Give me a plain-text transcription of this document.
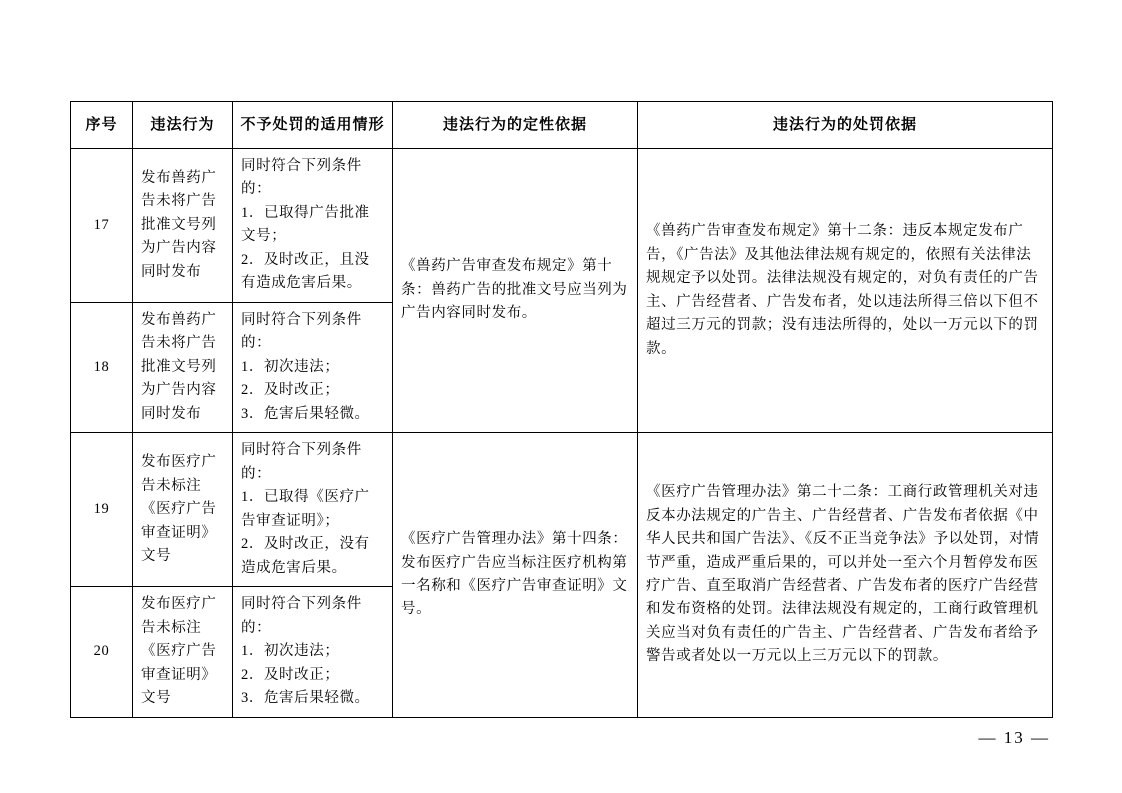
序号	违法行为	不予处罚的适用情形	违法行为的定性依据	违法行为的处罚依据
17	发布兽药广告未将广告批准文号列为广告内容同时发布	同时符合下列条件的：
1．已取得广告批准文号；
2．及时改正，且没有造成危害后果。	《兽药广告审查发布规定》第十条：兽药广告的批准文号应当列为广告内容同时发布。	《兽药广告审查发布规定》第十二条：违反本规定发布广告，《广告法》及其他法律法规有规定的，依照有关法律法规规定予以处罚。法律法规没有规定的，对负有责任的广告主、广告经营者、广告发布者，处以违法所得三倍以下但不超过三万元的罚款；没有违法所得的，处以一万元以下的罚款。
18	发布兽药广告未将广告批准文号列为广告内容同时发布	同时符合下列条件的：
1．初次违法；
2．及时改正；
3．危害后果轻微。		

19	发布医疗广告未标注《医疗广告审查证明》文号	
同时符合下列条件的：
1．已取得《医疗广告审查证明》；
2．及时改正，没有造成危害后果。
	《医疗广告管理办法》第十四条：发布医疗广告应当标注医疗机构第一名称和《医疗广告审查证明》文号。	《医疗广告管理办法》第二十二条：工商行政管理机关对违反本办法规定的广告主、广告经营者、广告发布者依据《中华人民共和国广告法》、《反不正当竞争法》予以处罚，对情节严重，造成严重后果的，可以并处一至六个月暂停发布医疗广告、直至取消广告经营者、广告发布者的医疗广告经营和发布资格的处罚。法律法规没有规定的，工商行政管理机关应当对负有责任的广告主、广告经营者、广告发布者给予警告或者处以一万元以上三万元以下的罚款。
20	发布医疗广告未标注《医疗广告审查证明》文号	同时符合下列条件的：
1．初次违法；
2．及时改正；
3．危害后果轻微。		
— 13 —
